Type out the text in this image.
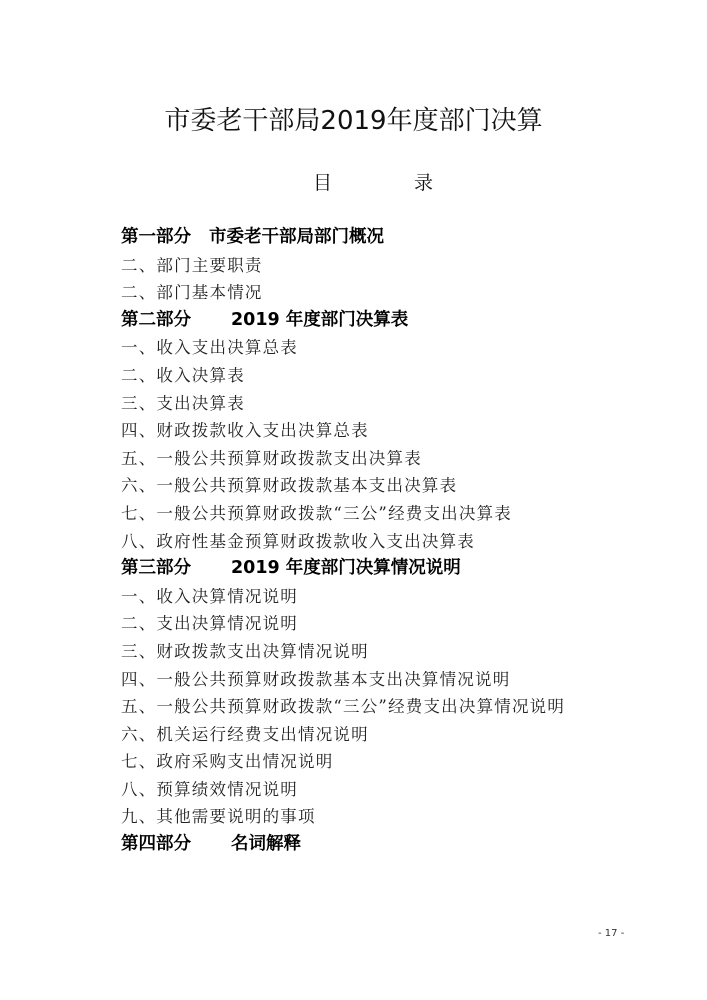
市委老干部局2019年度部门决算
目	录
第一部分 市委老干部局部门概况
二、部门主要职责
二、部门基本情况
第二部分 2019 年度部门决算表
一、收入支出决算总表
二、收入决算表
三、支出决算表
四、财政拨款收入支出决算总表
五、一般公共预算财政拨款支出决算表
六、一般公共预算财政拨款基本支出决算表
七、一般公共预算财政拨款“三公”经费支出决算表
八、政府性基金预算财政拨款收入支出决算表
第三部分 2019 年度部门决算情况说明
一、收入决算情况说明
二、支出决算情况说明
三、财政拨款支出决算情况说明
四、一般公共预算财政拨款基本支出决算情况说明
五、一般公共预算财政拨款“三公”经费支出决算情况说明
六、机关运行经费支出情况说明
七、政府采购支出情况说明
八、预算绩效情况说明
九、其他需要说明的事项
第四部分 名词解释
- 17 -
